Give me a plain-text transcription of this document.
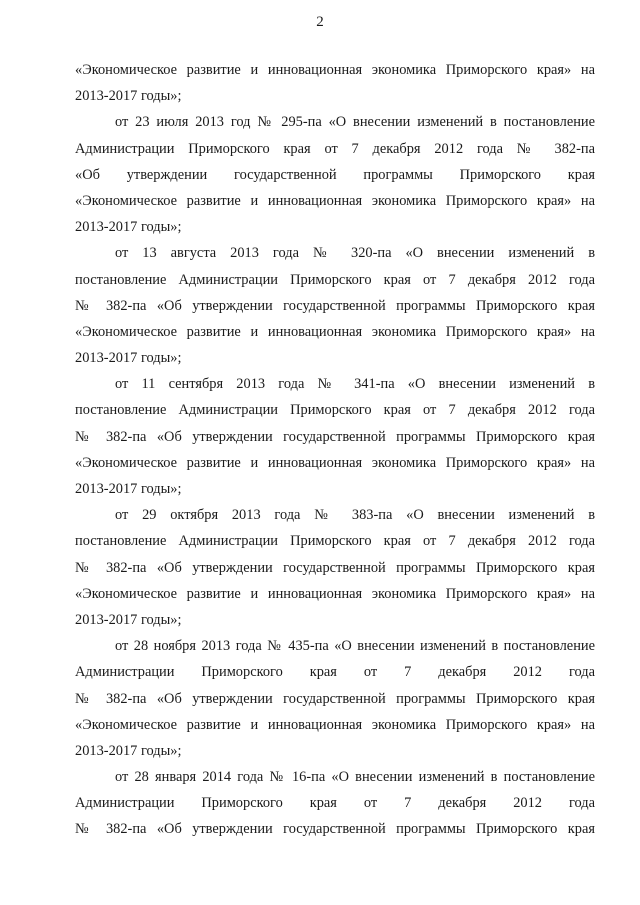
2
«Экономическое развитие и инновационная экономика Приморского края» на
2013-2017 годы»;
от 23 июля 2013 год № 295-па «О внесении изменений в постановление
Администрации Приморского края от 7 декабря 2012 года № 382-па
«Об утверждении государственной программы Приморского края
«Экономическое развитие и инновационная экономика Приморского края» на
2013-2017 годы»;
от 13 августа 2013 года № 320-па «О внесении изменений в
постановление Администрации Приморского края от 7 декабря 2012 года
№ 382-па «Об утверждении государственной программы Приморского края
«Экономическое развитие и инновационная экономика Приморского края» на
2013-2017 годы»;
от 11 сентября 2013 года № 341-па «О внесении изменений в
постановление Администрации Приморского края от 7 декабря 2012 года
№ 382-па «Об утверждении государственной программы Приморского края
«Экономическое развитие и инновационная экономика Приморского края» на
2013-2017 годы»;
от 29 октября 2013 года № 383-па «О внесении изменений в
постановление Администрации Приморского края от 7 декабря 2012 года
№ 382-па «Об утверждении государственной программы Приморского края
«Экономическое развитие и инновационная экономика Приморского края» на
2013-2017 годы»;
от 28 ноября 2013 года № 435-па «О внесении изменений в постановление
Администрации Приморского края от 7 декабря 2012 года
№ 382-па «Об утверждении государственной программы Приморского края
«Экономическое развитие и инновационная экономика Приморского края» на
2013-2017 годы»;
от 28 января 2014 года № 16-па «О внесении изменений в постановление
Администрации Приморского края от 7 декабря 2012 года
№ 382-па «Об утверждении государственной программы Приморского края
